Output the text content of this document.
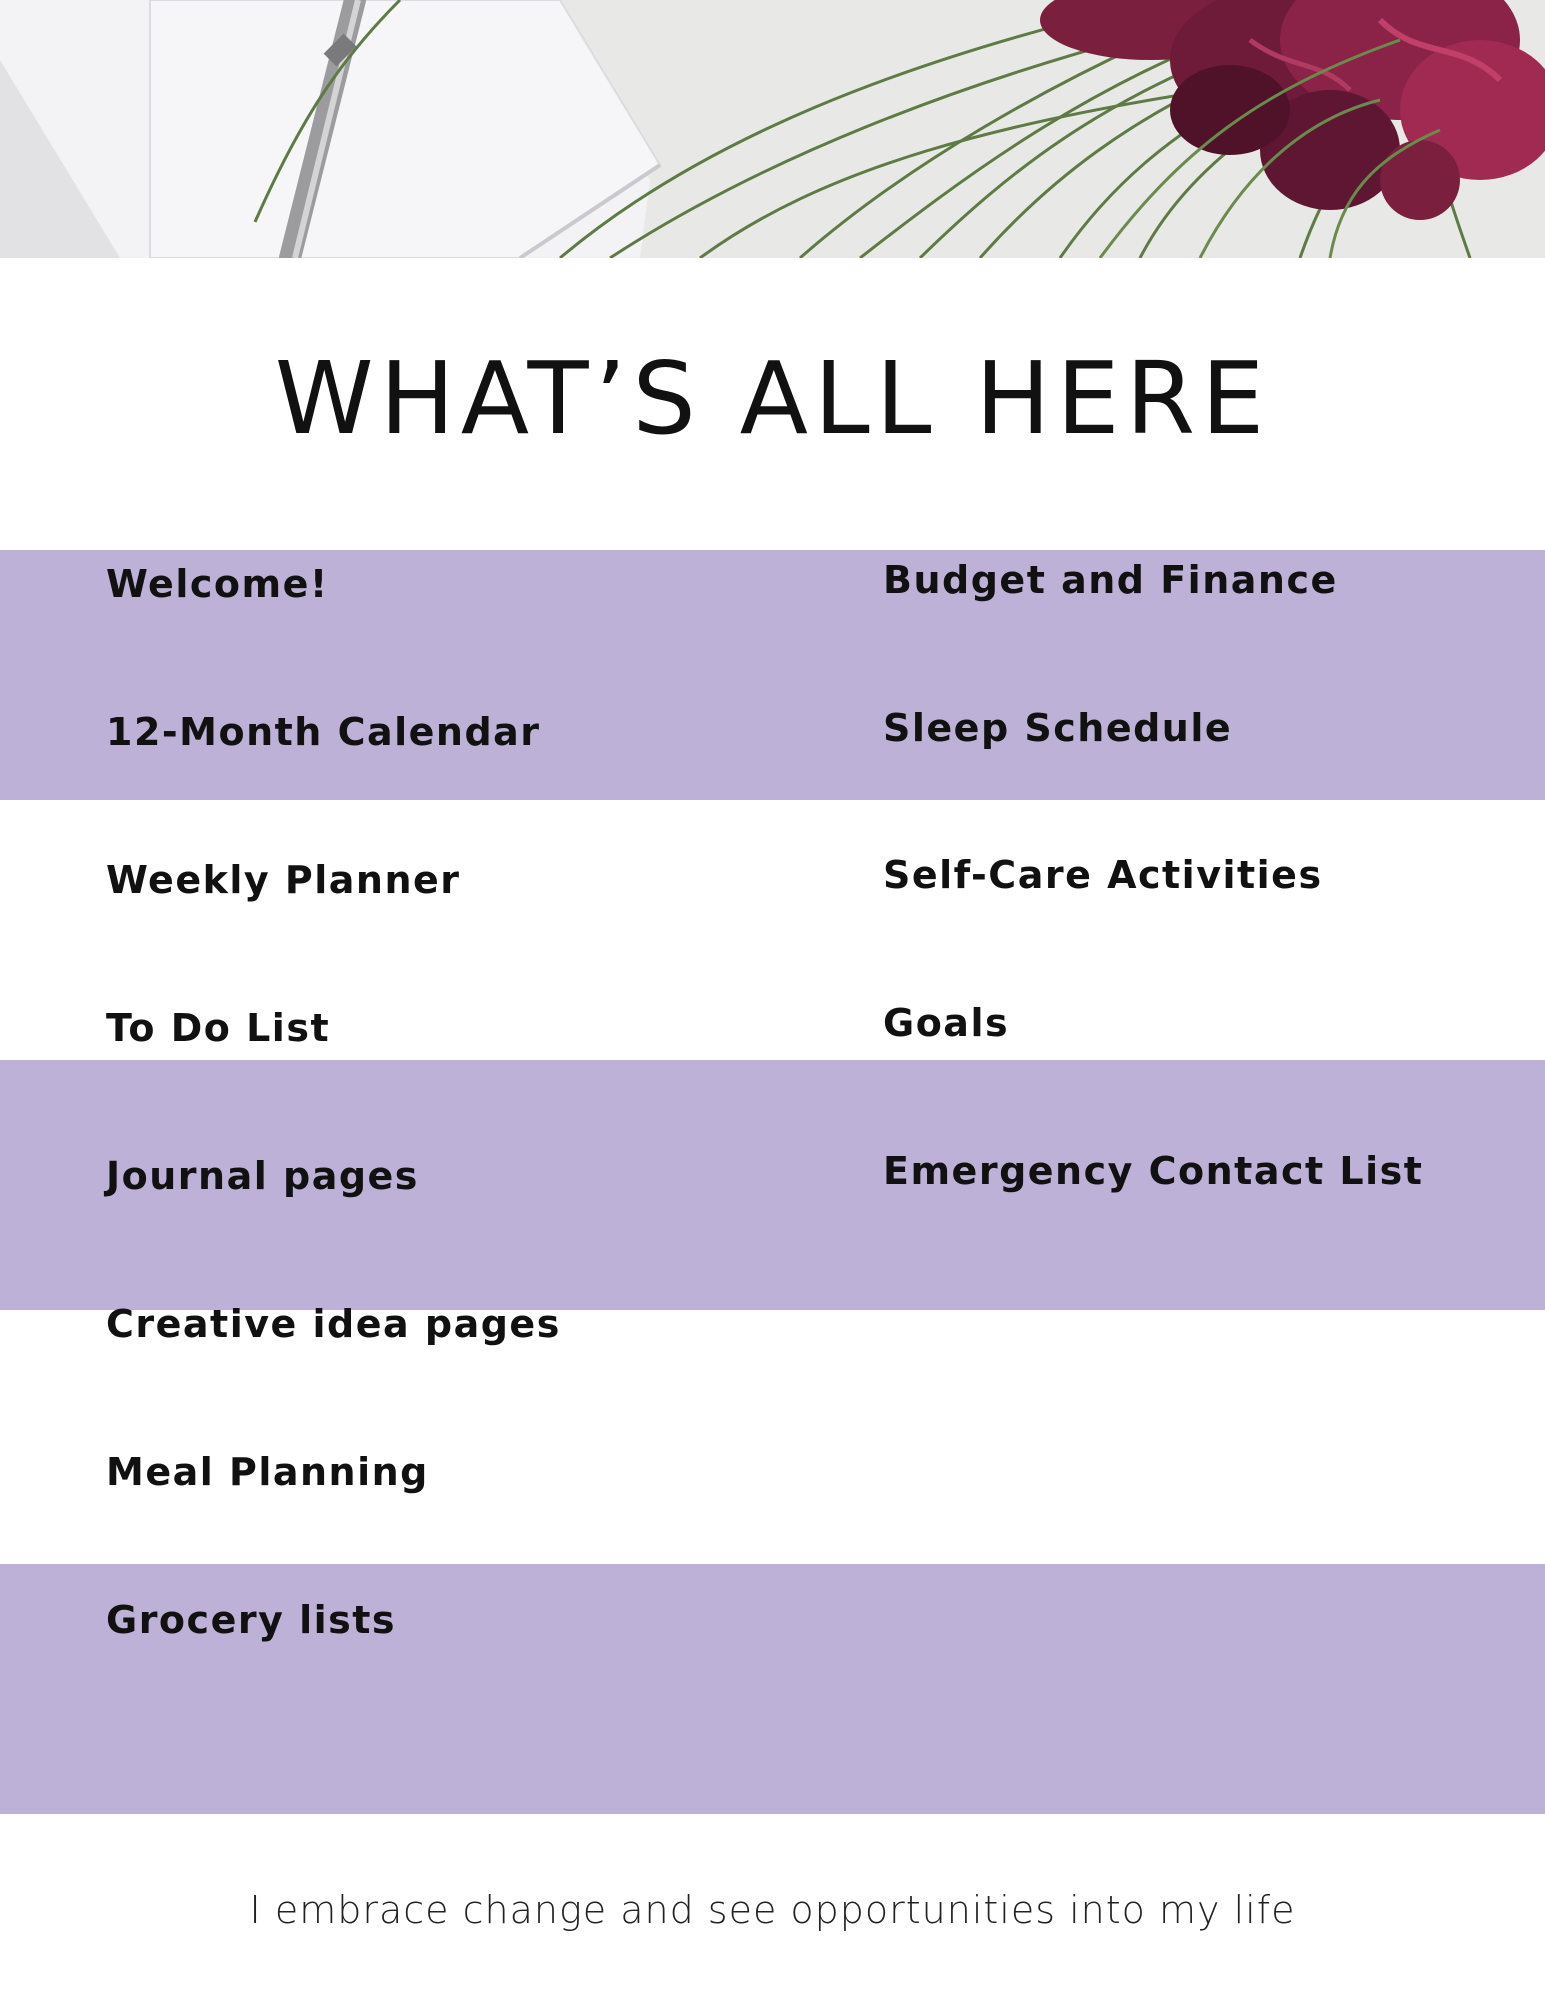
WHAT’S ALL HERE
Welcome!
12-Month Calendar
Weekly Planner
To Do List
Journal pages
Creative idea pages
Meal Planning
Grocery lists
Budget and Finance
Sleep Schedule
Self-Care Activities
Goals
Emergency Contact List
I embrace change and see opportunities into my life
